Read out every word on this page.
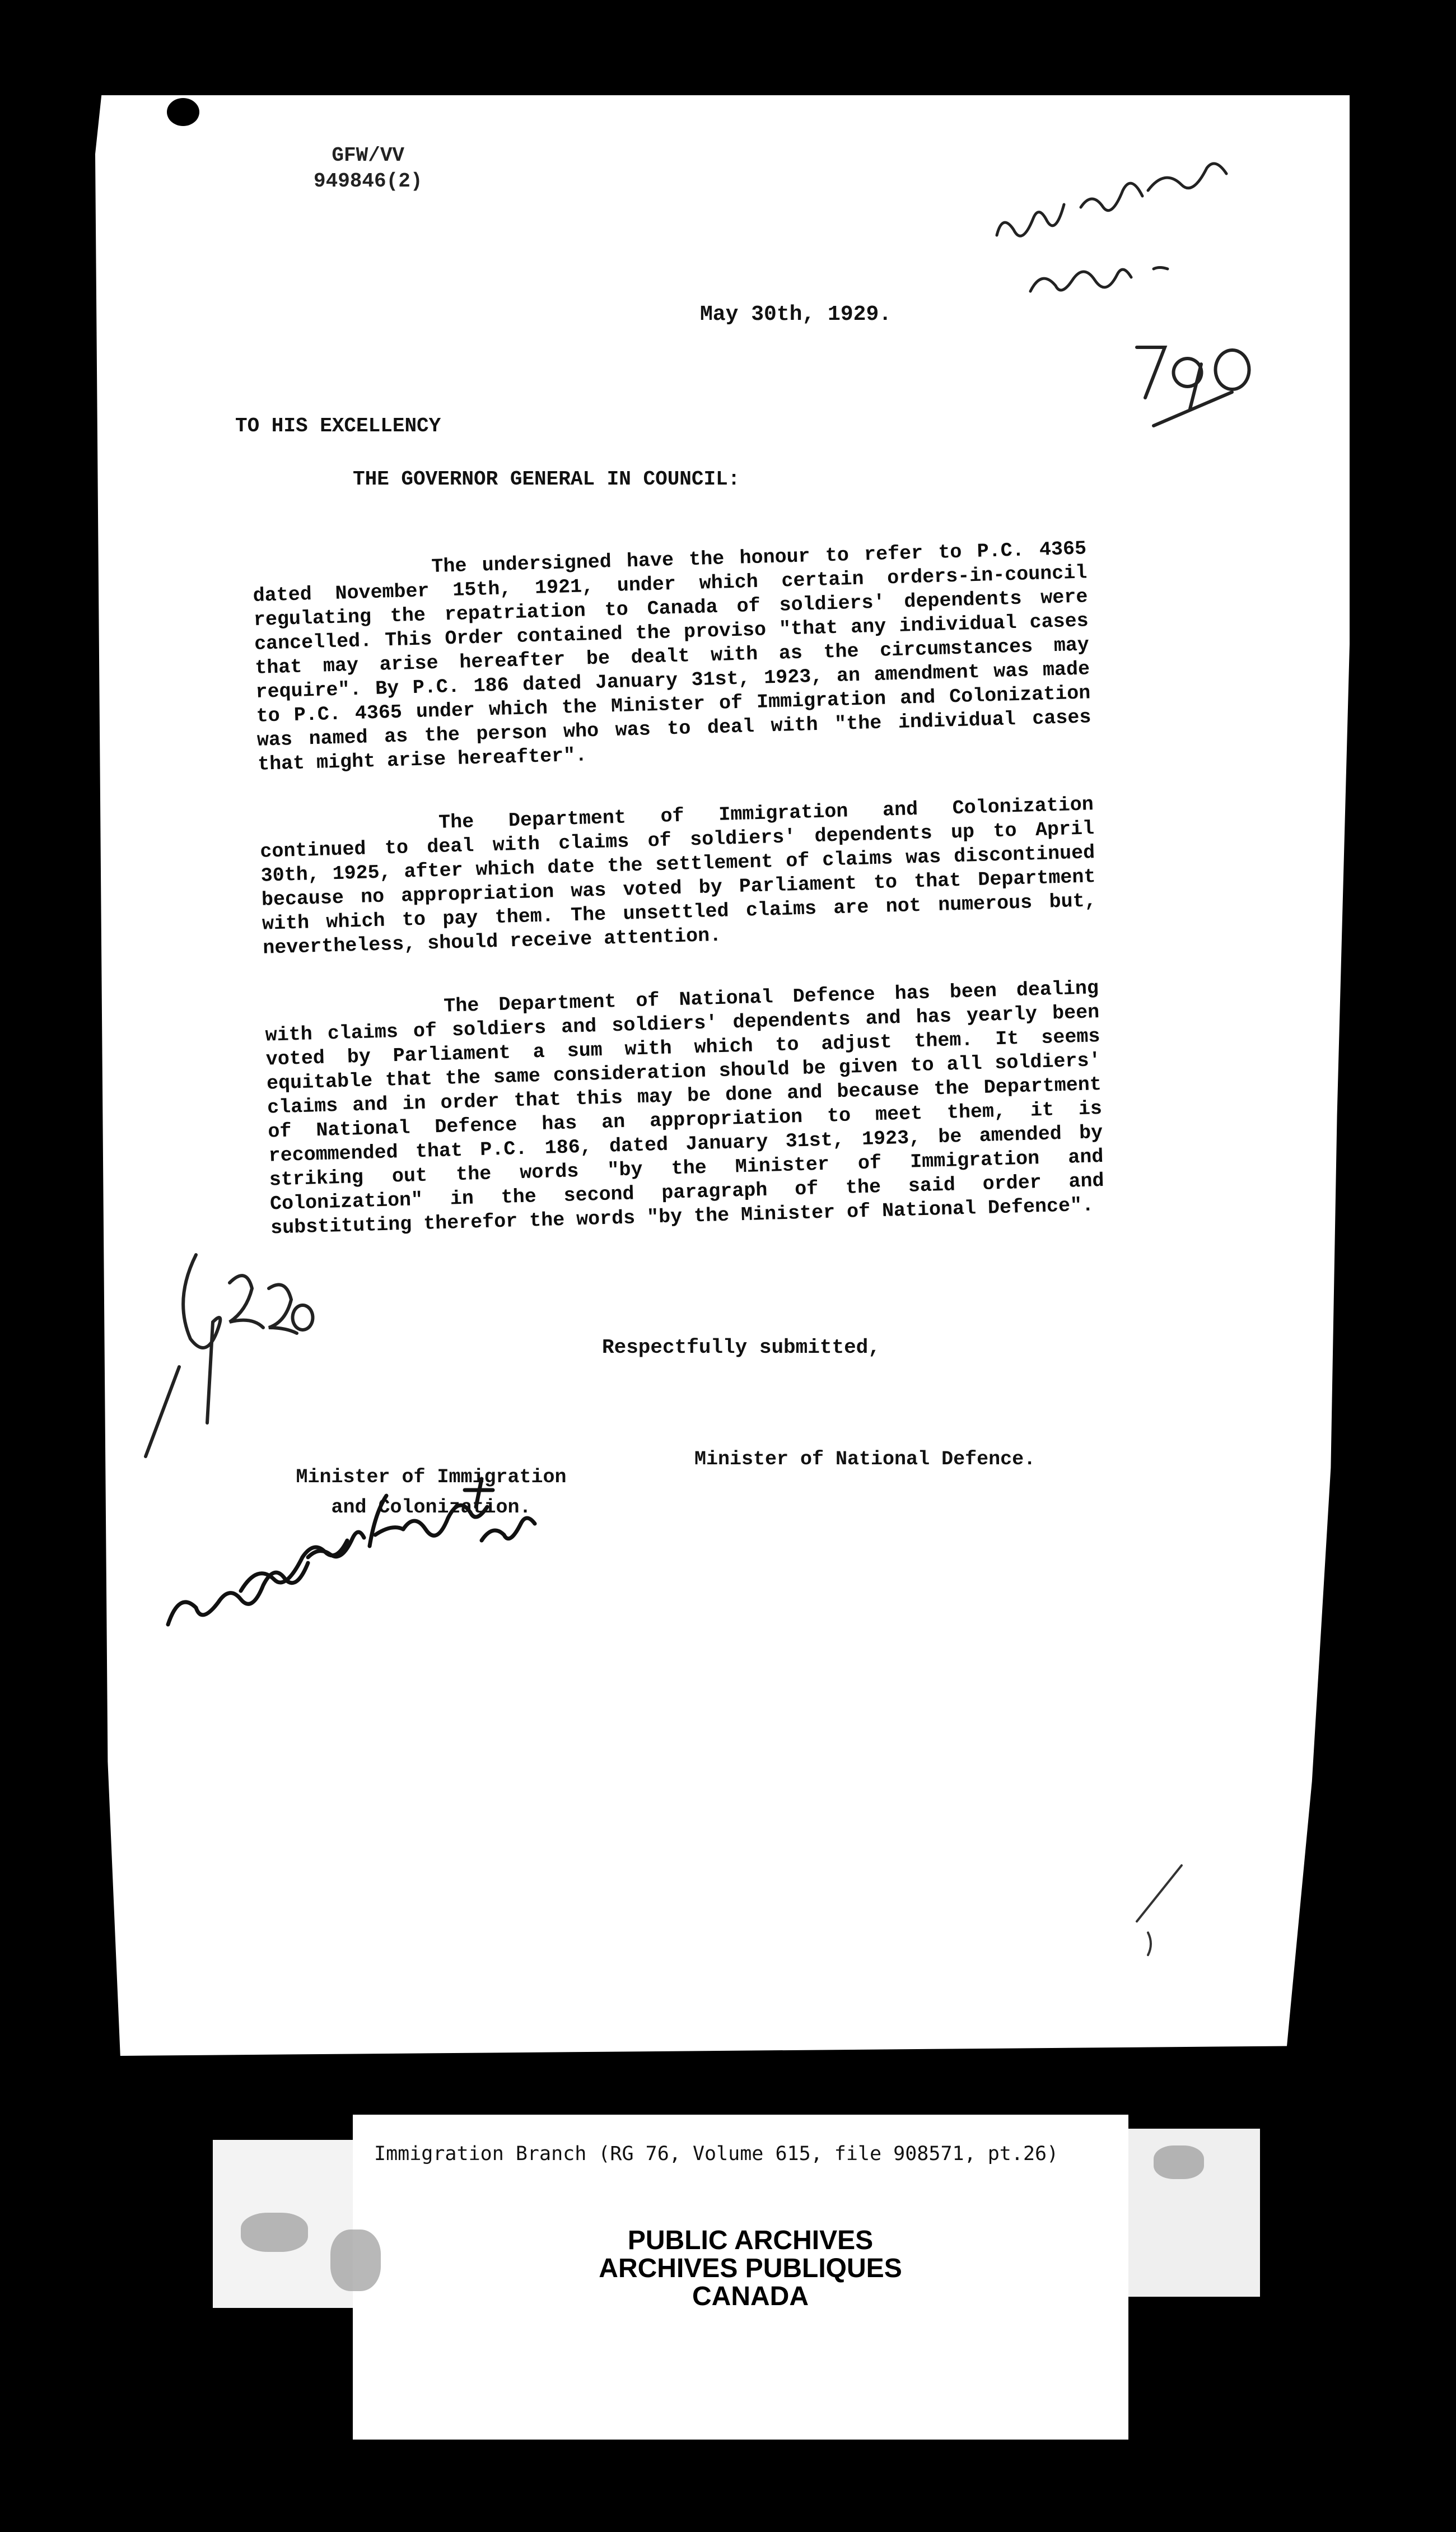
GFW/VV
949846(2)
May 30th, 1929.
TO HIS EXCELLENCY
THE GOVERNOR GENERAL IN COUNCIL:

The undersigned have the honour to refer to P.C. 4365 dated November 15th, 1921, under which certain orders-in-council regulating the repatriation to Canada of soldiers' dependents were cancelled. This Order contained the proviso "that any individual cases that may arise hereafter be dealt with as the circumstances may require". By P.C. 186 dated January 31st, 1923, an amendment was made to P.C. 4365 under which the Minister of Immigration and Colonization was named as the person who was to deal with "the individual cases that might arise hereafter".

The Department of Immigration and Colonization continued to deal with claims of soldiers' dependents up to April 30th, 1925, after which date the settlement of claims was discontinued because no appropriation was voted by Parliament to that Department with which to pay them. The unsettled claims are not numerous but, nevertheless, should receive attention.

The Department of National Defence has been dealing with claims of soldiers and soldiers' dependents and has yearly been voted by Parliament a sum with which to adjust them. It seems equitable that the same consideration should be given to all soldiers' claims and in order that this may be done and because the Department of National Defence has an appropriation to meet them, it is recommended that P.C. 186, dated January 31st, 1923, be amended by striking out the words "by the Minister of Immigration and Colonization" in the second paragraph of the said order and substituting therefor the words "by the Minister of National Defence".

Respectfully submitted,
Minister of Immigration
and Colonization.
Minister of National Defence.
Immigration Branch (RG 76, Volume 615, file 908571, pt.26)
PUBLIC ARCHIVES
ARCHIVES PUBLIQUES
CANADA
